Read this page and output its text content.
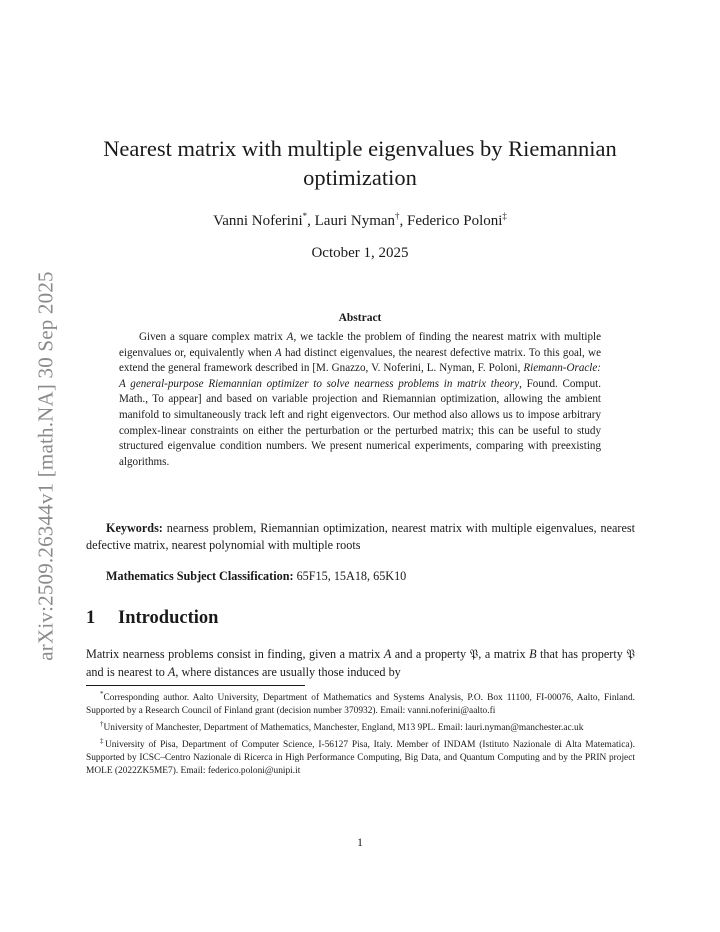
arXiv:2509.26344v1 [math.NA] 30 Sep 2025
Nearest matrix with multiple eigenvalues by Riemannian optimization
Vanni Noferini*, Lauri Nyman†, Federico Poloni‡
October 1, 2025
Abstract

Given a square complex matrix A, we tackle the problem of finding the nearest matrix with multiple eigenvalues or, equivalently when A had distinct eigenvalues, the nearest defective matrix. To this goal, we extend the general framework described in [M. Gnazzo, V. Noferini, L. Nyman, F. Poloni, Riemann-Oracle: A general-purpose Riemannian optimizer to solve nearness problems in matrix theory, Found. Comput. Math., To appear] and based on variable projection and Riemannian optimization, allowing the ambient manifold to simultaneously track left and right eigenvectors. Our method also allows us to impose arbitrary complex-linear constraints on either the perturbation or the perturbed matrix; this can be useful to study structured eigenvalue condition numbers. We present numerical experiments, comparing with preexisting algorithms.

Keywords: nearness problem, Riemannian optimization, nearest matrix with multiple eigenvalues, nearest defective matrix, nearest polynomial with multiple roots

Mathematics Subject Classification: 65F15, 15A18, 65K10

1 Introduction

Matrix nearness problems consist in finding, given a matrix A and a property 𝔓, a matrix B that has property 𝔓 and is nearest to A, where distances are usually those induced by

*Corresponding author. Aalto University, Department of Mathematics and Systems Analysis, P.O. Box 11100, FI-00076, Aalto, Finland. Supported by a Research Council of Finland grant (decision number 370932). Email: vanni.noferini@aalto.fi

†University of Manchester, Department of Mathematics, Manchester, England, M13 9PL. Email: lauri.nyman@manchester.ac.uk

‡University of Pisa, Department of Computer Science, I-56127 Pisa, Italy. Member of INDAM (Istituto Nazionale di Alta Matematica). Supported by ICSC–Centro Nazionale di Ricerca in High Performance Computing, Big Data, and Quantum Computing and by the PRIN project MOLE (2022ZK5ME7). Email: federico.poloni@unipi.it

1
